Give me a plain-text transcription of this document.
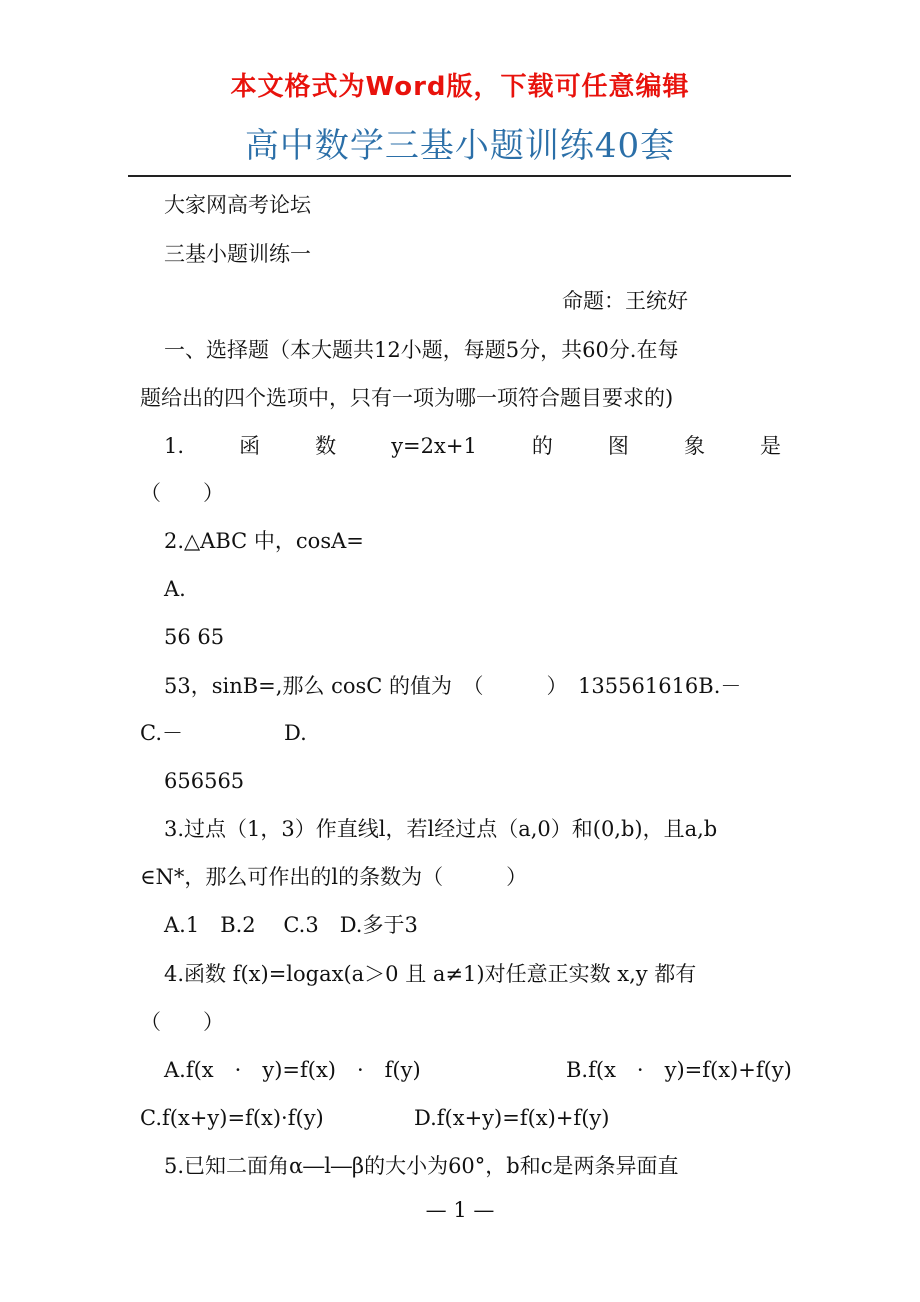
本文格式为Word版，下载可任意编辑
高中数学三基小题训练40套
大家网高考论坛
三基小题训练一
命题：王统好
一、选择题（本大题共12小题，每题5分，共60分.在每
题给出的四个选项中，只有一项为哪一项符合题目要求的)
1.	函	数	y=2x+1	的	图	象	是
（　　）
2.△ABC 中，cosA=
A.
56 65
53，sinB=,那么 cosC 的值为　（　　　）　135561616B.－
C.－	D.
656565
3.过点（1，3）作直线l，若l经过点（a,0）和(0,b)，且a,b
∈N*，那么可作出的l的条数为（　　　）
A.1　B.2　 C.3　D.多于3
4.函数 f(x)=logax(a＞0 且 a≠1)对任意正实数 x,y 都有
（　　）
A.f(x　·　y)=f(x)　·　f(y)	B.f(x　·　y)=f(x)+f(y)
C.f(x+y)=f(x)·f(y)	D.f(x+y)=f(x)+f(y)
5.已知二面角α―l―β的大小为60°，b和c是两条异面直
— 1 —
